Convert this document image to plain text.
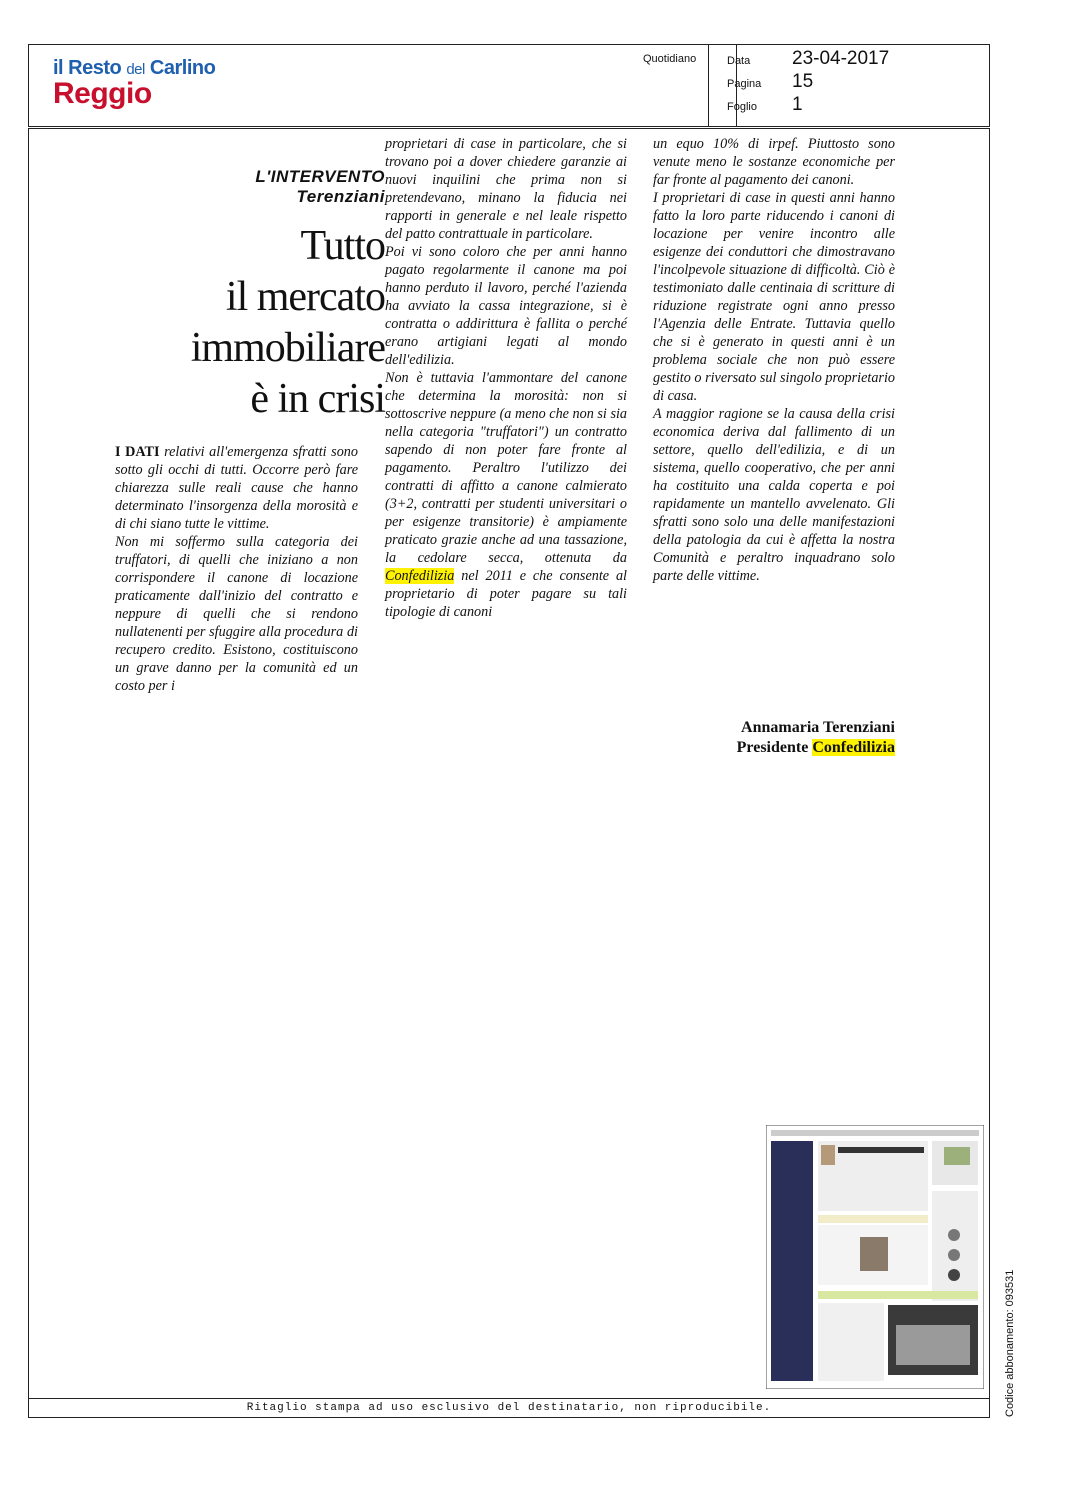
il Resto del Carlino
Reggio
Quotidiano	Data 23-04-2017
Pagina 15
Foglio 1
L'INTERVENTO
Terenziani
Tutto
il mercato
immobiliare
è in crisi

I DATI relativi all'emergenza sfratti sono sotto gli occhi di tutti. Occorre però fare chiarezza sulle reali cause che hanno determinato l'insorgenza della morosità e di chi siano tutte le vittime.

Non mi soffermo sulla categoria dei truffatori, di quelli che iniziano a non corrispondere il canone di locazione praticamente dall'inizio del contratto e neppure di quelli che si rendono nullatenenti per sfuggire alla procedura di recupero credito. Esistono, costituiscono un grave danno per la comunità ed un costo per i

proprietari di case in particolare, che si trovano poi a dover chiedere garanzie ai nuovi inquilini che prima non si pretendevano, minano la fiducia nei rapporti in generale e nel leale rispetto del patto contrattuale in particolare.

Poi vi sono coloro che per anni hanno pagato regolarmente il canone ma poi hanno perduto il lavoro, perché l'azienda ha avviato la cassa integrazione, si è contratta o addirittura è fallita o perché erano artigiani legati al mondo dell'edilizia.

Non è tuttavia l'ammontare del canone che determina la morosità: non si sottoscrive neppure (a meno che non si sia nella categoria "truffatori") un contratto sapendo di non poter fare fronte al pagamento. Peraltro l'utilizzo dei contratti di affitto a canone calmierato (3+2, contratti per studenti universitari o per esigenze transitorie) è ampiamente praticato grazie anche ad una tassazione, la cedolare secca, ottenuta da Confedilizia nel 2011 e che consente al proprietario di poter pagare su tali tipologie di canoni

un equo 10% di irpef. Piuttosto sono venute meno le sostanze economiche per far fronte al pagamento dei canoni.

I proprietari di case in questi anni hanno fatto la loro parte riducendo i canoni di locazione per venire incontro alle esigenze dei conduttori che dimostravano l'incolpevole situazione di difficoltà. Ciò è testimoniato dalle centinaia di scritture di riduzione registrate ogni anno presso l'Agenzia delle Entrate. Tuttavia quello che si è generato in questi anni è un problema sociale che non può essere gestito o riversato sul singolo proprietario di casa.

A maggior ragione se la causa della crisi economica deriva dal fallimento di un settore, quello dell'edilizia, e di un sistema, quello cooperativo, che per anni ha costituito una calda coperta e poi rapidamente un mantello avvelenato. Gli sfratti sono solo una delle manifestazioni della patologia da cui è affetta la nostra Comunità e peraltro inquadrano solo parte delle vittime.

Annamaria Terenziani
Presidente Confedilizia
Ritaglio stampa ad uso esclusivo del destinatario, non riproducibile.	Codice abbonamento: 093531
